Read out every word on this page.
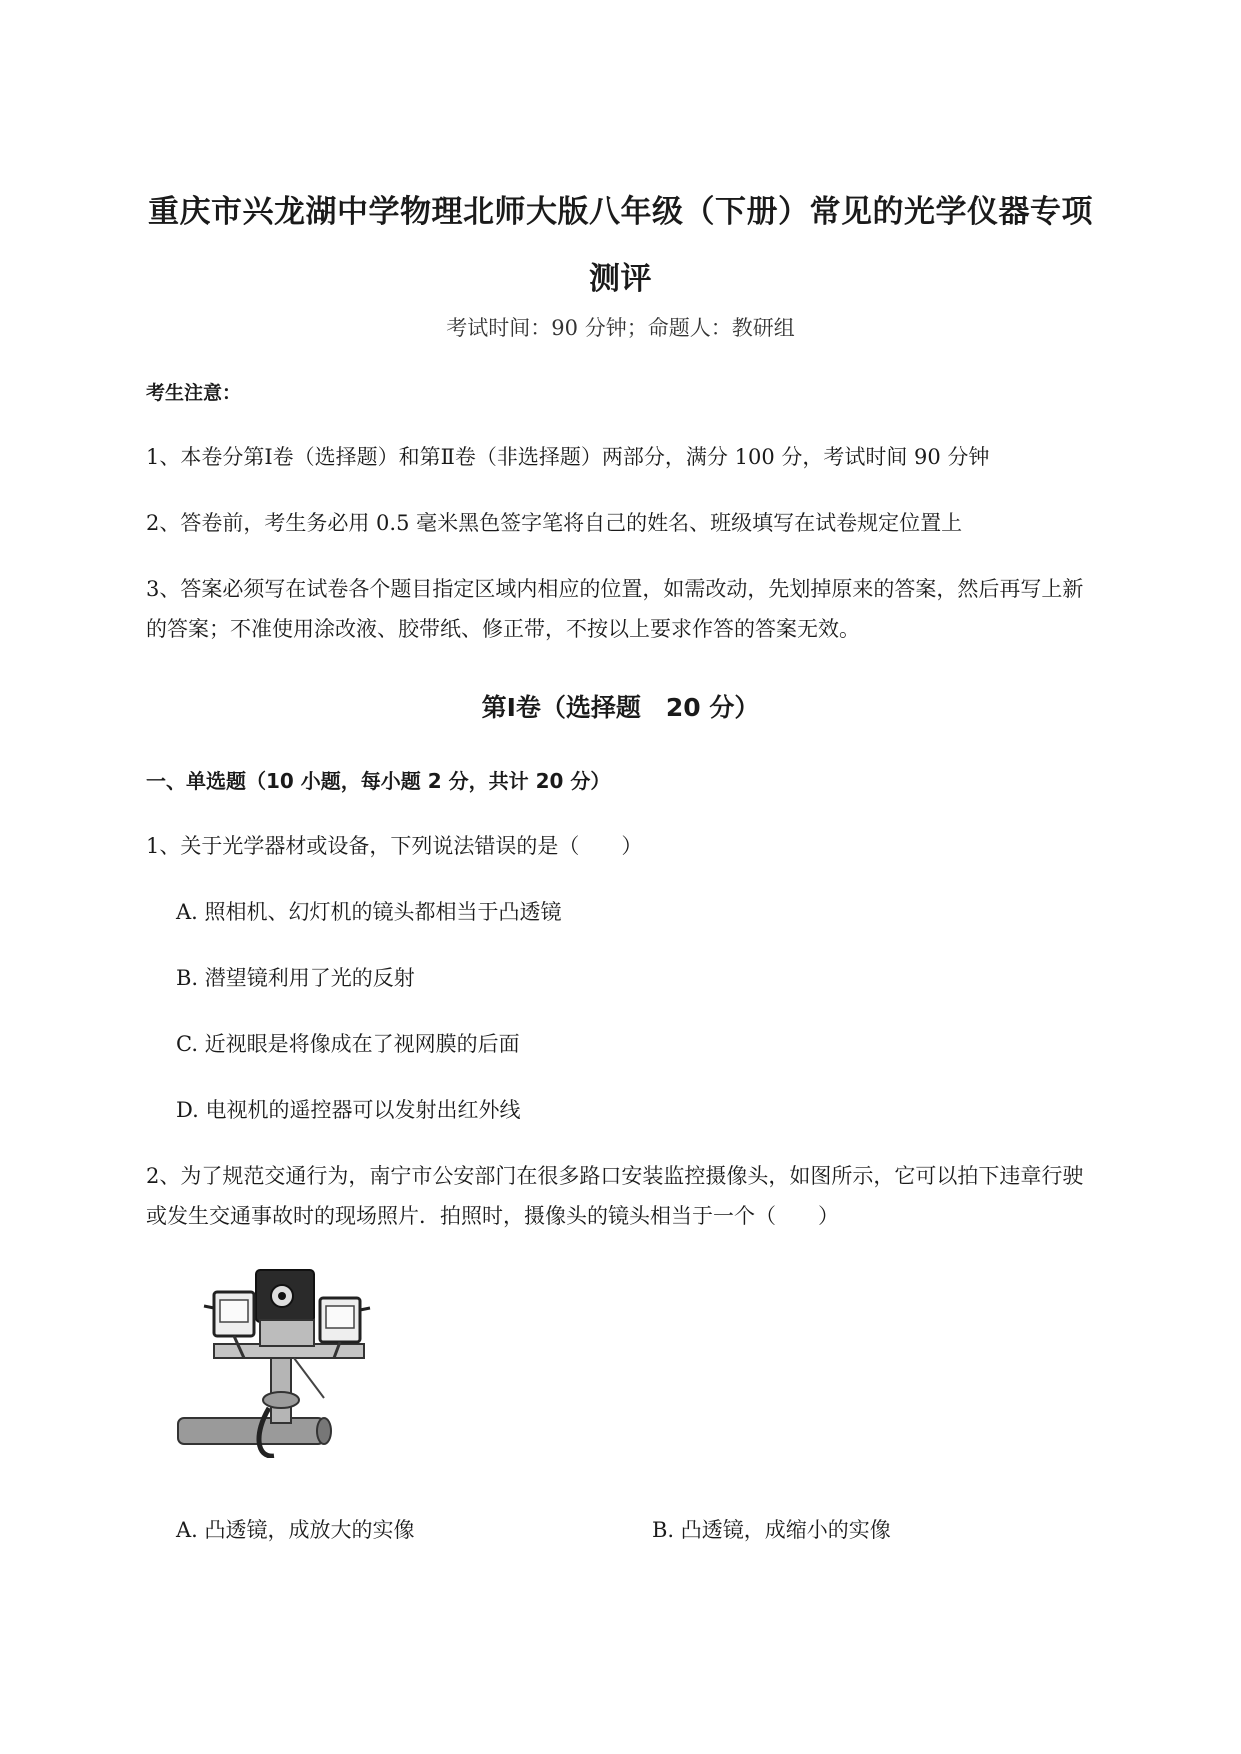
重庆市兴龙湖中学物理北师大版八年级（下册）常见的光学仪器专项
测评
考试时间：90 分钟；命题人：教研组
考生注意：
1、本卷分第Ⅰ卷（选择题）和第Ⅱ卷（非选择题）两部分，满分 100 分，考试时间 90 分钟
2、答卷前，考生务必用 0.5 毫米黑色签字笔将自己的姓名、班级填写在试卷规定位置上
3、答案必须写在试卷各个题目指定区域内相应的位置，如需改动，先划掉原来的答案，然后再写上新
的答案；不准使用涂改液、胶带纸、修正带，不按以上要求作答的答案无效。
第Ⅰ卷（选择题　20 分）
一、单选题（10 小题，每小题 2 分，共计 20 分）
1、关于光学器材或设备，下列说法错误的是（　　）
A. 照相机、幻灯机的镜头都相当于凸透镜
B. 潜望镜利用了光的反射
C. 近视眼是将像成在了视网膜的后面
D. 电视机的遥控器可以发射出红外线
2、为了规范交通行为，南宁市公安部门在很多路口安装监控摄像头，如图所示，它可以拍下违章行驶
或发生交通事故时的现场照片．拍照时，摄像头的镜头相当于一个（　　）
A. 凸透镜，成放大的实像	B. 凸透镜，成缩小的实像
